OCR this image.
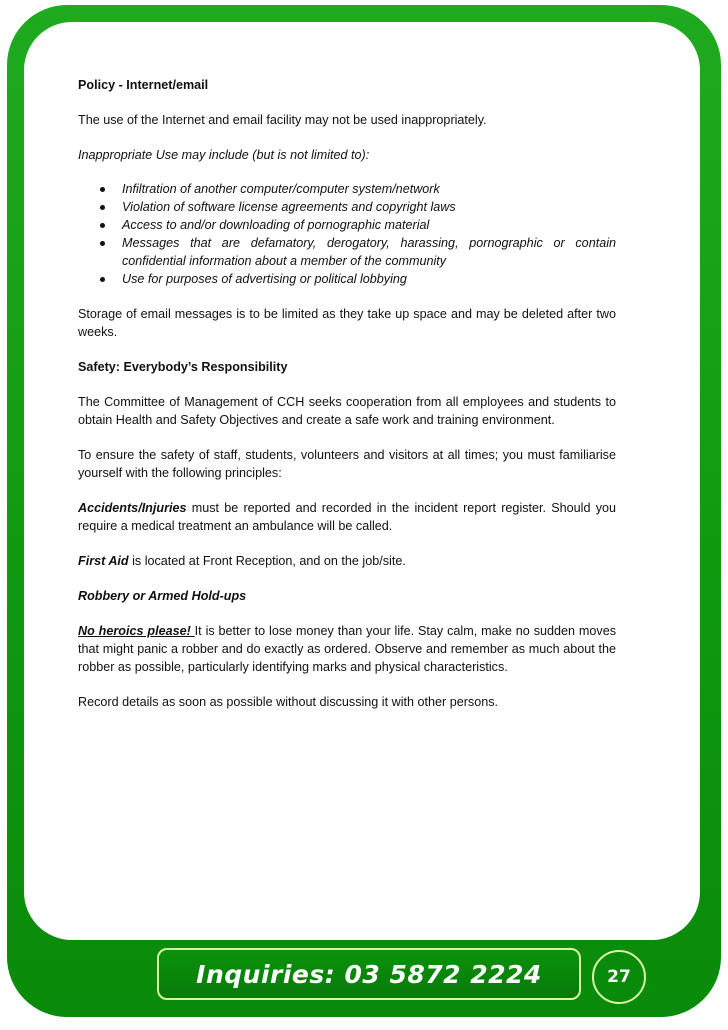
Policy - Internet/email

The use of the Internet and email facility may not be used inappropriately.

Inappropriate Use may include (but is not limited to):

Infiltration of another computer/computer system/network
Violation of software license agreements and copyright laws
Access to and/or downloading of pornographic material
Messages that are defamatory, derogatory, harassing, pornographic or contain confidential information about a member of the community
Use for purposes of advertising or political lobbying

Storage of email messages is to be limited as they take up space and may be deleted after two weeks.

Safety: Everybody’s Responsibility

The Committee of Management of CCH seeks cooperation from all employees and students to obtain Health and Safety Objectives and create a safe work and training environment.

To ensure the safety of staff, students, volunteers and visitors at all times; you must familiarise yourself with the following principles:

Accidents/Injuries must be reported and recorded in the incident report register. Should you require a medical treatment an ambulance will be called.

First Aid is located at Front Reception, and on the job/site.

Robbery or Armed Hold-ups

No heroics please! It is better to lose money than your life. Stay calm, make no sudden moves that might panic a robber and do exactly as ordered. Observe and remember as much about the robber as possible, particularly identifying marks and physical characteristics.

Record details as soon as possible without discussing it with other persons.

Inquiries: 03 5872 2224	27
